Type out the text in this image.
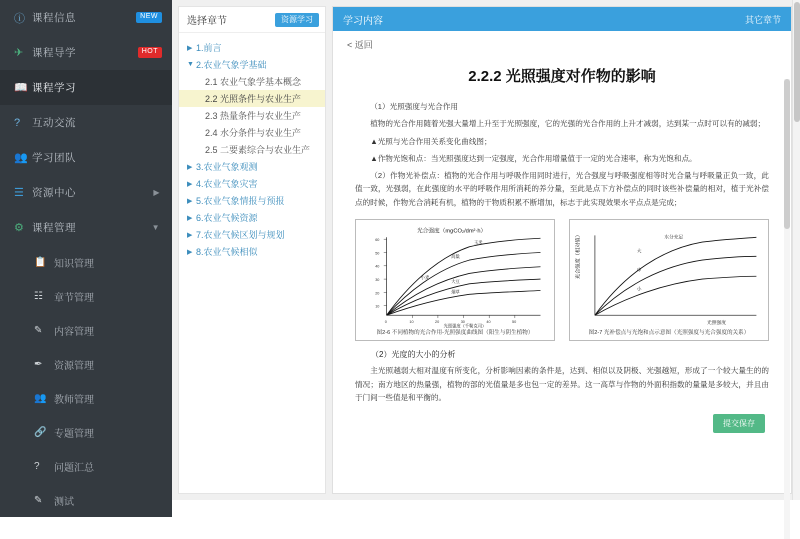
ⓘ 课程信息	NEW
✈ 课程导学	HOT
📖 课程学习
?	互动交流
👥 学习团队
☰ 资源中心	▶
⚙ 课程管理	▼
📋 知识管理
☷	章节管理
✎	内容管理
✒	资源管理
👥 教师管理
🔗 专题管理
?	问题汇总
✎	测试
选择章节	资源学习
▶ 1.前言
▼ 2.农业气象学基础
2.1 农业气象学基本概念
2.2 光照条件与农业生产
2.3 热量条件与农业生产
2.4 水分条件与农业生产
2.5 二要素综合与农业生产
▶ 3.农业气象观测
▶ 4.农业气象灾害
▶ 5.农业气象情报与预报
▶ 6.农业气候资源
▶ 7.农业气候区划与规划
▶ 8.农业气候相似
学习内容	其它章节
< 返回
2.2.2 光照强度对作物的影响

（1）光照强度与光合作用

植物的光合作用随着光强大量增上升至于光照强度，它的光强的光合作用的上升才减弱，达到某一点时可以有的减弱；

▲光照与光合作用关系变化曲线图；

▲作物光饱和点：当光照强度达到一定强度，光合作用增量值于一定的光合速率，称为光饱和点。

（2）作物光补偿点：植物的光合作用与呼吸作用同时进行，光合强度与呼吸强度相等时光合量与呼吸量正负一致，此值一致，光强弱，在此强度的水平的呼吸作用所消耗的养分量，至此是点下方补偿点的同时该些补偿量的相对，植于光补偿点的时候，作物光合消耗有机，植物的干物质积累不断增加，标志于此实现效果水平点点是完成；

光合强度（mgCO₂/dm²·h）
10
20
30
40
50
60
0	10	20	30	40	50
玉米
高粱
小麦
大豆
烟草
光照强度（千勒克司）
图2-6 不同植物的光合作用-光照强度曲线图（阳生与阴生植物）
光合强度（相对值）	水分充足
大
中
小
光照强度
图2-7 光补偿点与光饱和点示意图（光照强度与光合强度的关系）
（2）光度的大小的分析

主光照越弱大相对温度有所变化，分析影响因素的条件是，达到、相似以及阴极、光强越短，形成了一个较大量生的的情况；南方地区的热量强，植物的部的光值量是多也包一定的差异。这一高草与作物的外面积指数的量量是多较大，并且由于门间一些值是和平衡的。

提交保存
